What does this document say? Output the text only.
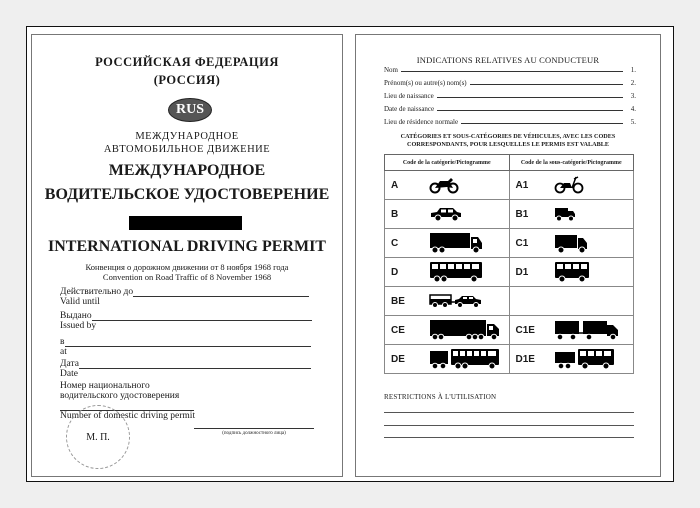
РОССИЙСКАЯ ФЕДЕРАЦИЯ
(РОССИЯ)
RUS
МЕЖДУНАРОДНОЕ
АВТОМОБИЛЬНОЕ ДВИЖЕНИЕ
МЕЖДУНАРОДНОЕ
ВОДИТЕЛЬСКОЕ УДОСТОВЕРЕНИЕ
INTERNATIONAL DRIVING PERMIT
Конвенция о дорожном движении от 8 ноября 1968 года
Convention on Road Traffic of 8 November 1968
Действительно до
Valid until
Выдано
Issued by
в
at
Дата
Date
Номер национального
водительского удостоверения
Number of domestic driving permit
М. П.	(подпись должностного лица)
INDICATIONS RELATIVES AU CONDUCTEUR
Nom	1.
Prénom(s) ou autre(s) nom(s)	2.
Lieu de naissance	3.
Date de naissance	4.
Lieu de résidence normale	5.
CATÉGORIES ET SOUS-CATÉGORIES DE VÉHICULES, AVEC LES CODES
CORRESPONDANTS, POUR LESQUELLES LE PERMIS EST VALABLE
Code de la catégorie/Pictogramme	Code de la sous-catégorie/Pictogramme

A	A1

B	B1

C	C1

D	D1

BE	

CE	C1E

DE	D1E
RESTRICTIONS À L'UTILISATION
